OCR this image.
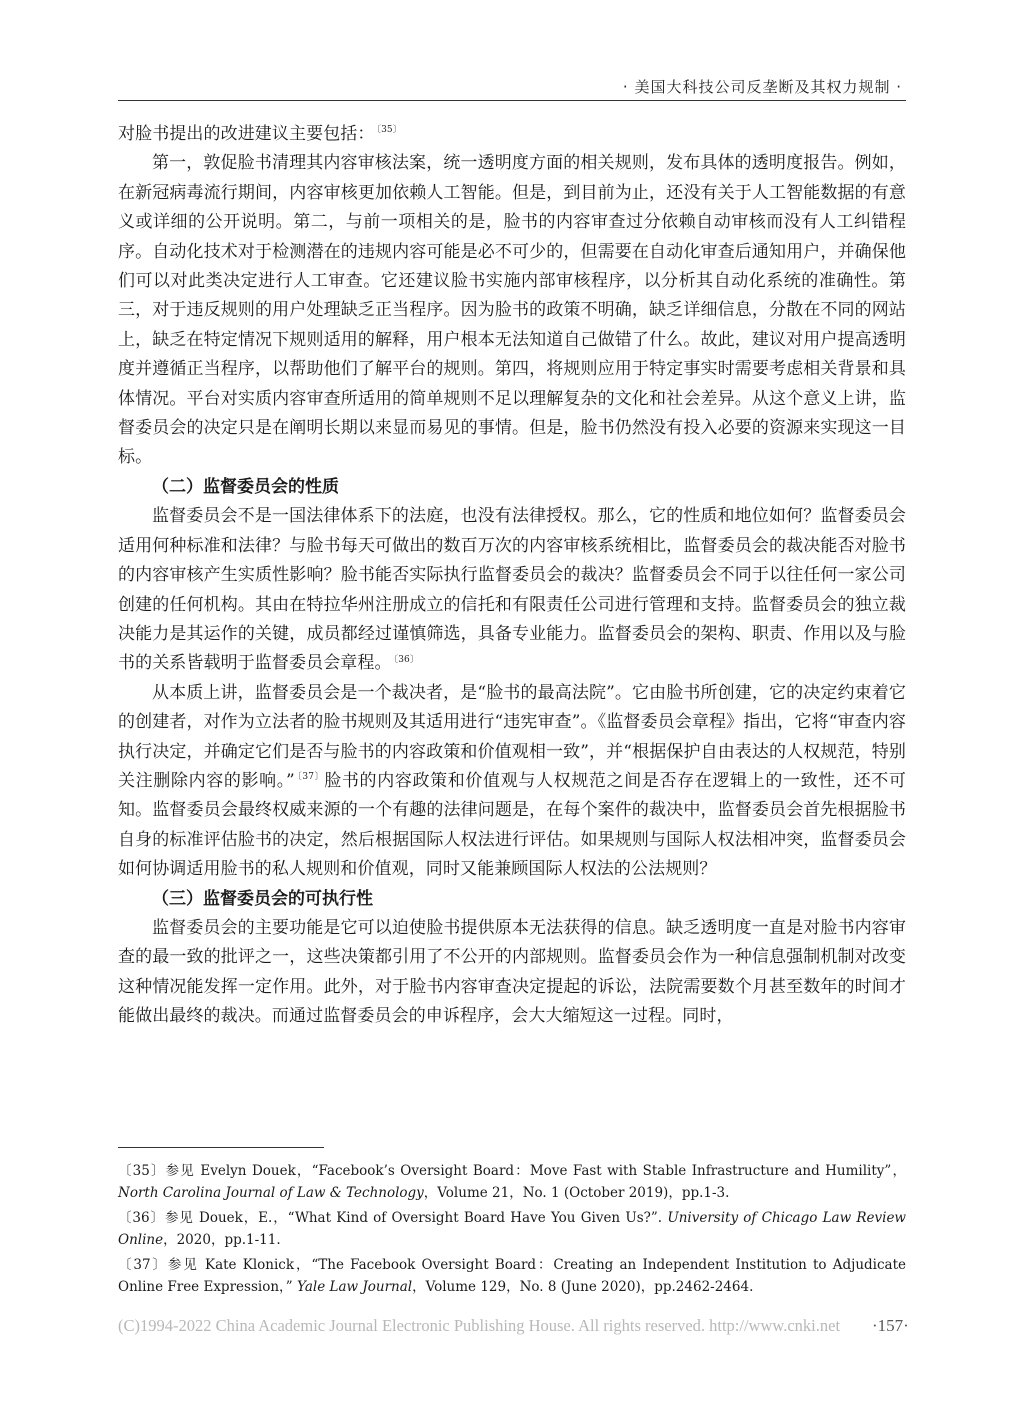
· 美国大科技公司反垄断及其权力规制 ·

对脸书提出的改进建议主要包括： $^{〔35〕}$

第一，敦促脸书清理其内容审核法案，统一透明度方面的相关规则，发布具体的透明度报告。例如，在新冠病毒流行期间，内容审核更加依赖人工智能。但是，到目前为止，还没有关于人工智能数据的有意义或详细的公开说明。第二，与前一项相关的是，脸书的内容审查过分依赖自动审核而没有人工纠错程序。自动化技术对于检测潜在的违规内容可能是必不可少的，但需要在自动化审查后通知用户，并确保他们可以对此类决定进行人工审查。它还建议脸书实施内部审核程序，以分析其自动化系统的准确性。第三，对于违反规则的用户处理缺乏正当程序。因为脸书的政策不明确，缺乏详细信息，分散在不同的网站上，缺乏在特定情况下规则适用的解释，用户根本无法知道自己做错了什么。故此，建议对用户提高透明度并遵循正当程序，以帮助他们了解平台的规则。第四，将规则应用于特定事实时需要考虑相关背景和具体情况。平台对实质内容审查所适用的简单规则不足以理解复杂的文化和社会差异。从这个意义上讲，监督委员会的决定只是在阐明长期以来显而易见的事情。但是，脸书仍然没有投入必要的资源来实现这一目标。

（二）监督委员会的性质

监督委员会不是一国法律体系下的法庭，也没有法律授权。那么，它的性质和地位如何？监督委员会适用何种标准和法律？与脸书每天可做出的数百万次的内容审核系统相比，监督委员会的裁决能否对脸书的内容审核产生实质性影响？脸书能否实际执行监督委员会的裁决？监督委员会不同于以往任何一家公司创建的任何机构。其由在特拉华州注册成立的信托和有限责任公司进行管理和支持。监督委员会的独立裁决能力是其运作的关键，成员都经过谨慎筛选，具备专业能力。监督委员会的架构、职责、作用以及与脸书的关系皆载明于监督委员会章程。 $^{〔36〕}$

从本质上讲，监督委员会是一个裁决者，是“脸书的最高法院”。它由脸书所创建，它的决定约束着它的创建者，对作为立法者的脸书规则及其适用进行“违宪审查”。《监督委员会章程》指出，它将“审查内容执行决定，并确定它们是否与脸书的内容政策和价值观相一致”，并“根据保护自由表达的人权规范，特别关注删除内容的影响。” $^{〔37〕}$脸书的内容政策和价值观与人权规范之间是否存在逻辑上的一致性，还不可知。监督委员会最终权威来源的一个有趣的法律问题是，在每个案件的裁决中，监督委员会首先根据脸书自身的标准评估脸书的决定，然后根据国际人权法进行评估。如果规则与国际人权法相冲突，监督委员会如何协调适用脸书的私人规则和价值观，同时又能兼顾国际人权法的公法规则？

（三）监督委员会的可执行性

监督委员会的主要功能是它可以迫使脸书提供原本无法获得的信息。缺乏透明度一直是对脸书内容审查的最一致的批评之一，这些决策都引用了不公开的内部规则。监督委员会作为一种信息强制机制对改变这种情况能发挥一定作用。此外，对于脸书内容审查决定提起的诉讼，法院需要数个月甚至数年的时间才能做出最终的裁决。而通过监督委员会的申诉程序，会大大缩短这一过程。同时，

〔35〕参见 Evelyn Douek，“Facebook’s Oversight Board：Move Fast with Stable Infrastructure and Humility”， North Carolina Journal of Law & Technology，Volume 21，No. 1 (October 2019)，pp.1-3.

〔36〕参见 Douek，E.，“What Kind of Oversight Board Have You Given Us?”. University of Chicago Law Review Online，2020，pp.1-11.

〔37〕参见 Kate Klonick，“The Facebook Oversight Board：Creating an Independent Institution to Adjudicate Online Free Expression，” Yale Law Journal，Volume 129，No. 8 (June 2020)，pp.2462-2464.

(C)1994-2022 China Academic Journal Electronic Publishing House. All rights reserved. http://www.cnki.net	·157·
